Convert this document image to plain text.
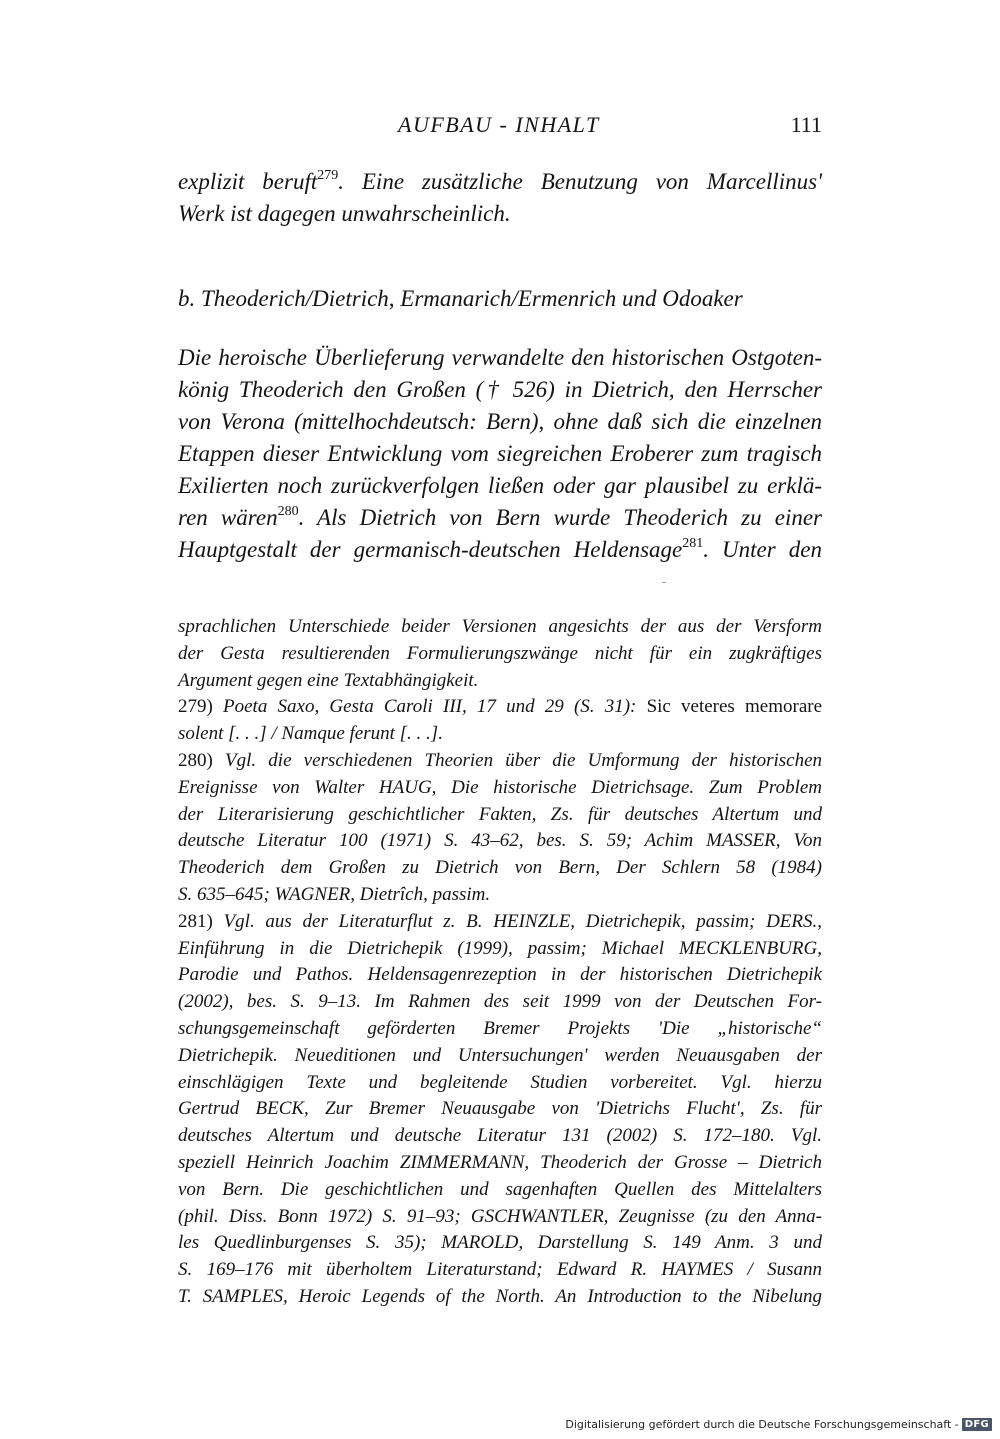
AUFBAU - INHALT	111
explizit beruft$^{279}$. Eine zusätzliche Benutzung von Marcellinus'
Werk ist dagegen unwahrscheinlich.
b. Theoderich/Dietrich, Ermanarich/Ermenrich und Odoaker
Die heroische Überlieferung verwandelte den historischen Ostgoten-
könig Theoderich den Großen († 526) in Dietrich, den Herrscher
von Verona (mittelhochdeutsch: Bern), ohne daß sich die einzelnen
Etappen dieser Entwicklung vom siegreichen Eroberer zum tragisch
Exilierten noch zurückverfolgen ließen oder gar plausibel zu erklä-
ren wären$^{280}$. Als Dietrich von Bern wurde Theoderich zu einer
Hauptgestalt der germanisch-deutschen Heldensage$^{281}$. Unter den
sprachlichen Unterschiede beider Versionen angesichts der aus der Versform
der Gesta resultierenden Formulierungszwänge nicht für ein zugkräftiges
Argument gegen eine Textabhängigkeit.
279) Poeta Saxo, Gesta Caroli III, 17 und 29 (S. 31): Sic veteres memorare
solent [. . .] / Namque ferunt [. . .].
280) Vgl. die verschiedenen Theorien über die Umformung der historischen
Ereignisse von Walter HAUG, Die historische Dietrichsage. Zum Problem
der Literarisierung geschichtlicher Fakten, Zs. für deutsches Altertum und
deutsche Literatur 100 (1971) S. 43–62, bes. S. 59; Achim MASSER, Von
Theoderich dem Großen zu Dietrich von Bern, Der Schlern 58 (1984)
S. 635–645; WAGNER, Dietrîch, passim.
281) Vgl. aus der Literaturflut z. B. HEINZLE, Dietrichepik, passim; DERS.,
Einführung in die Dietrichepik (1999), passim; Michael MECKLENBURG,
Parodie und Pathos. Heldensagenrezeption in der historischen Dietrichepik
(2002), bes. S. 9–13. Im Rahmen des seit 1999 von der Deutschen For-
schungsgemeinschaft geförderten Bremer Projekts 'Die „historische“
Dietrichepik. Neueditionen und Untersuchungen' werden Neuausgaben der
einschlägigen Texte und begleitende Studien vorbereitet. Vgl. hierzu
Gertrud BECK, Zur Bremer Neuausgabe von 'Dietrichs Flucht', Zs. für
deutsches Altertum und deutsche Literatur 131 (2002) S. 172–180. Vgl.
speziell Heinrich Joachim ZIMMERMANN, Theoderich der Grosse – Dietrich
von Bern. Die geschichtlichen und sagenhaften Quellen des Mittelalters
(phil. Diss. Bonn 1972) S. 91–93; GSCHWANTLER, Zeugnisse (zu den Anna-
les Quedlinburgenses S. 35); MAROLD, Darstellung S. 149 Anm. 3 und
S. 169–176 mit überholtem Literaturstand; Edward R. HAYMES / Susann
T. SAMPLES, Heroic Legends of the North. An Introduction to the Nibelung
Digitalisierung gefördert durch die Deutsche Forschungsgemeinschaft - DFG
